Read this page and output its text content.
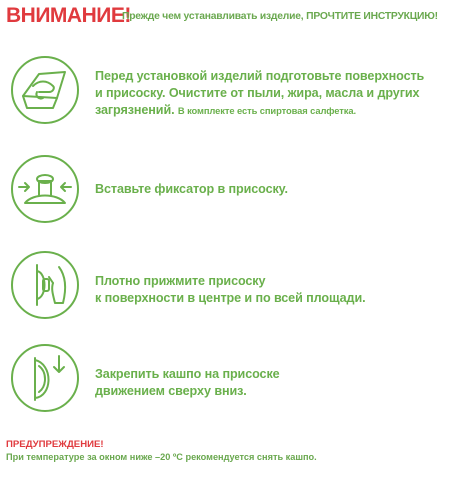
ВНИМАНИЕ!
Прежде чем устанавливать изделие, ПРОЧТИТЕ ИНСТРУКЦИЮ!
Перед установкой изделий подготовьте поверхность
и присоску. Очистите от пыли, жира, масла и других
загрязнений. В комплекте есть спиртовая салфетка.
Вставьте фиксатор в присоску.
Плотно прижмите присоску
к поверхности в центре и по всей площади.
Закрепить кашпо на присоске
движением сверху вниз.
ПРЕДУПРЕЖДЕНИЕ!
При температуре за окном ниже –20 ºС рекомендуется снять кашпо.
